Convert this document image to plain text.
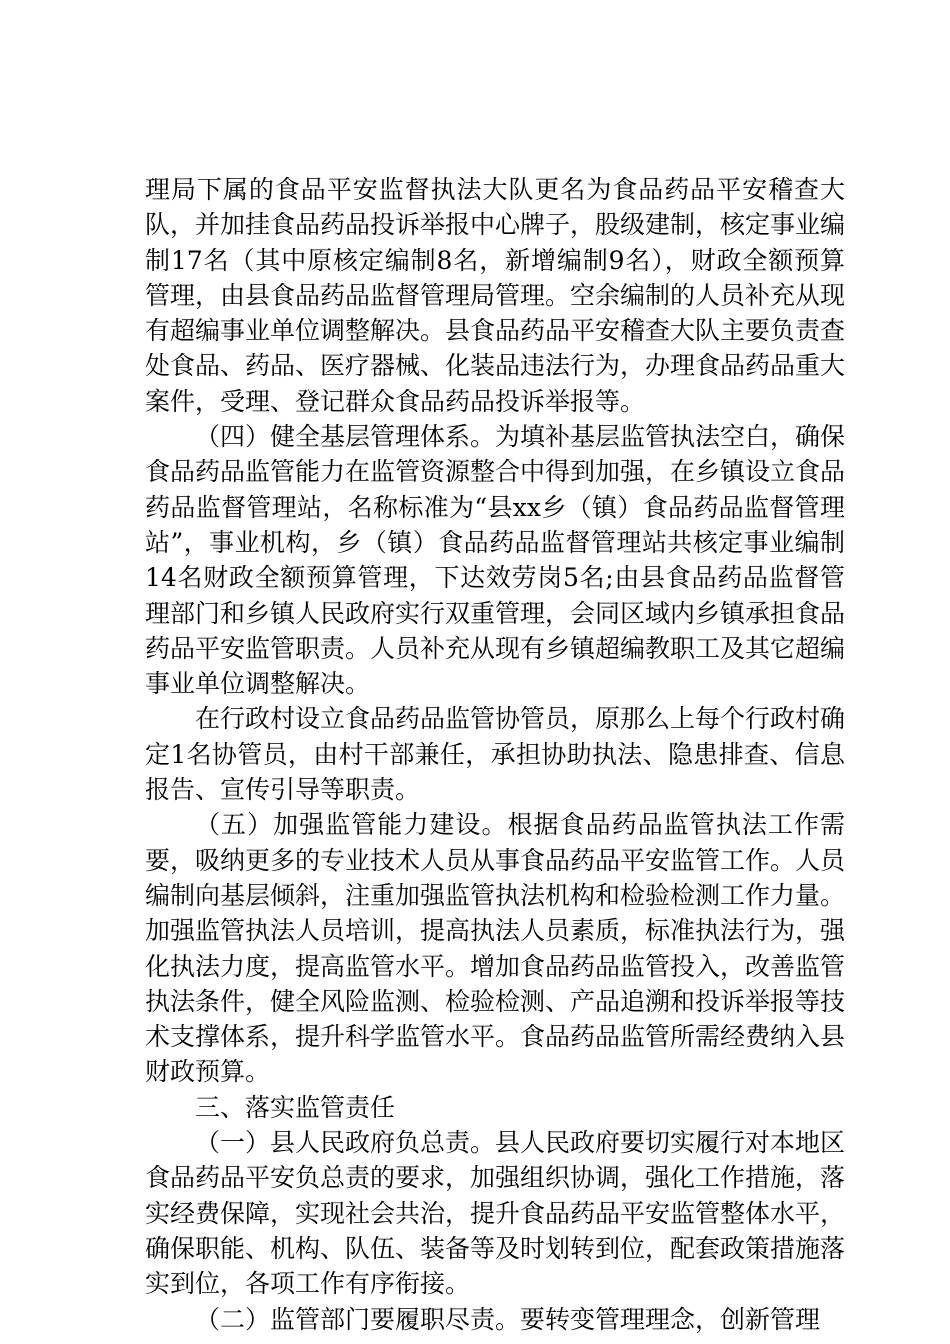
理局下属的食品平安监督执法大队更名为食品药品平安稽查大队，并加挂食品药品投诉举报中心牌子，股级建制，核定事业编制17名（其中原核定编制8名，新增编制9名），财政全额预算管理，由县食品药品监督管理局管理。空余编制的人员补充从现有超编事业单位调整解决。县食品药品平安稽查大队主要负责查处食品、药品、医疗器械、化装品违法行为，办理食品药品重大案件，受理、登记群众食品药品投诉举报等。

（四）健全基层管理体系。为填补基层监管执法空白，确保食品药品监管能力在监管资源整合中得到加强，在乡镇设立食品药品监督管理站，名称标准为“县xx乡（镇）食品药品监督管理站”，事业机构，乡（镇）食品药品监督管理站共核定事业编制14名财政全额预算管理，下达效劳岗5名;由县食品药品监督管理部门和乡镇人民政府实行双重管理，会同区域内乡镇承担食品药品平安监管职责。人员补充从现有乡镇超编教职工及其它超编事业单位调整解决。

在行政村设立食品药品监管协管员，原那么上每个行政村确定1名协管员，由村干部兼任，承担协助执法、隐患排查、信息报告、宣传引导等职责。

（五）加强监管能力建设。根据食品药品监管执法工作需要，吸纳更多的专业技术人员从事食品药品平安监管工作。人员编制向基层倾斜，注重加强监管执法机构和检验检测工作力量。加强监管执法人员培训，提高执法人员素质，标准执法行为，强化执法力度，提高监管水平。增加食品药品监管投入，改善监管执法条件，健全风险监测、检验检测、产品追溯和投诉举报等技术支撑体系，提升科学监管水平。食品药品监管所需经费纳入县财政预算。

三、落实监管责任

（一）县人民政府负总责。县人民政府要切实履行对本地区食品药品平安负总责的要求，加强组织协调，强化工作措施，落实经费保障，实现社会共治，提升食品药品平安监管整体水平，确保职能、机构、队伍、装备等及时划转到位，配套政策措施落实到位，各项工作有序衔接。

（二）监管部门要履职尽责。要转变管理理念，创新管理
